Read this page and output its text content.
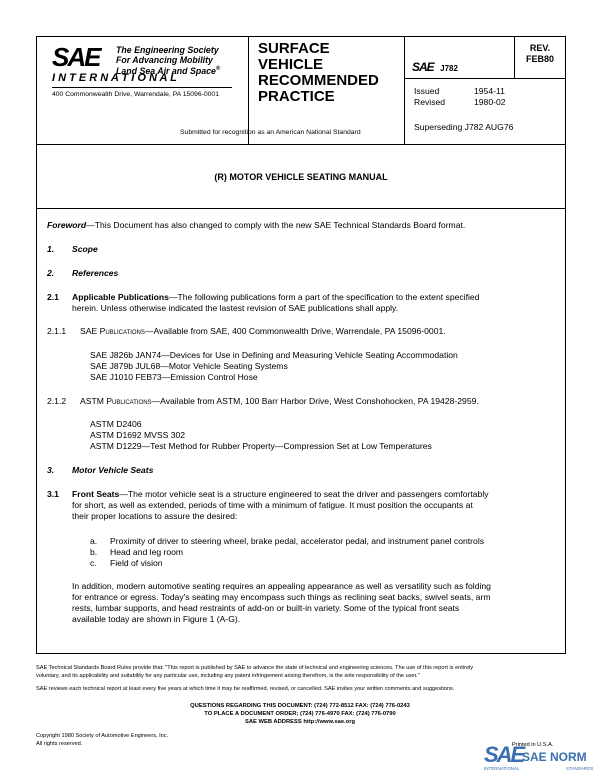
SAE The Engineering Society
For Advancing Mobility
Land Sea Air and Space®
I N T E R N A T I O N A L
400 Commonwealth Drive, Warrendale, PA 15096-0001
SURFACE
VEHICLE
RECOMMENDED
PRACTICE
SAE J782
REV.
FEB80
Issued	1954-11
Revised	1980-02
Superseding J782 AUG76
Submitted for recognition as an American National Standard
(R) MOTOR VEHICLE SEATING MANUAL
Foreword—This Document has also changed to comply with the new SAE Technical Standards Board format.
1. Scope
2. References
2.1 Applicable Publications—The following publications form a part of the specification to the extent specified
herein. Unless otherwise indicated the lastest revision of SAE publications shall apply.
2.1.1 SAE Publications—Available from SAE, 400 Commonwealth Drive, Warrendale, PA 15096-0001.
SAE J826b JAN74—Devices for Use in Defining and Measuring Vehicle Seating Accommodation
SAE J879b JUL68—Motor Vehicle Seating Systems
SAE J1010 FEB73—Emission Control Hose
2.1.2 ASTM Publications—Available from ASTM, 100 Barr Harbor Drive, West Conshohocken, PA 19428-2959.
ASTM D2406
ASTM D1692 MVSS 302
ASTM D1229—Test Method for Rubber Property—Compression Set at Low Temperatures
3. Motor Vehicle Seats
3.1 Front Seats—The motor vehicle seat is a structure engineered to seat the driver and passengers comfortably
for short, as well as extended, periods of time with a minimum of fatigue. It must position the occupants at
their proper locations to assure the desired:
a. Proximity of driver to steering wheel, brake pedal, accelerator pedal, and instrument panel controls
b. Head and leg room
c. Field of vision
In addition, modern automotive seating requires an appealing appearance as well as versatility such as folding
for entrance or egress. Today's seating may encompass such things as reclining seat backs, swivel seats, arm
rests, lumbar supports, and head restraints of add-on or built-in variety. Some of the typical front seats
available today are shown in Figure 1 (A-G).
SAE Technical Standards Board Rules provide that: "This report is published by SAE to advance the state of technical and engineering sciences. The use of this report is entirely
voluntary, and its applicability and suitability for any particular use, including any patent infringement arising therefrom, is the sole responsibility of the user."
SAE reviews each technical report at least every five years at which time it may be reaffirmed, revised, or cancelled. SAE invites your written comments and suggestions.
QUESTIONS REGARDING THIS DOCUMENT: (724) 772-8512 FAX: (724) 776-0243
TO PLACE A DOCUMENT ORDER; (724) 776-4970 FAX: (724) 776-0790
SAE WEB ADDRESS http://www.sae.org
Copyright 1980 Society of Automotive Engineers, Inc.
All rights reserved.	Printed in U.S.A.
SAE
SAE NORM
INTERNATIONAL	STANDARDS
